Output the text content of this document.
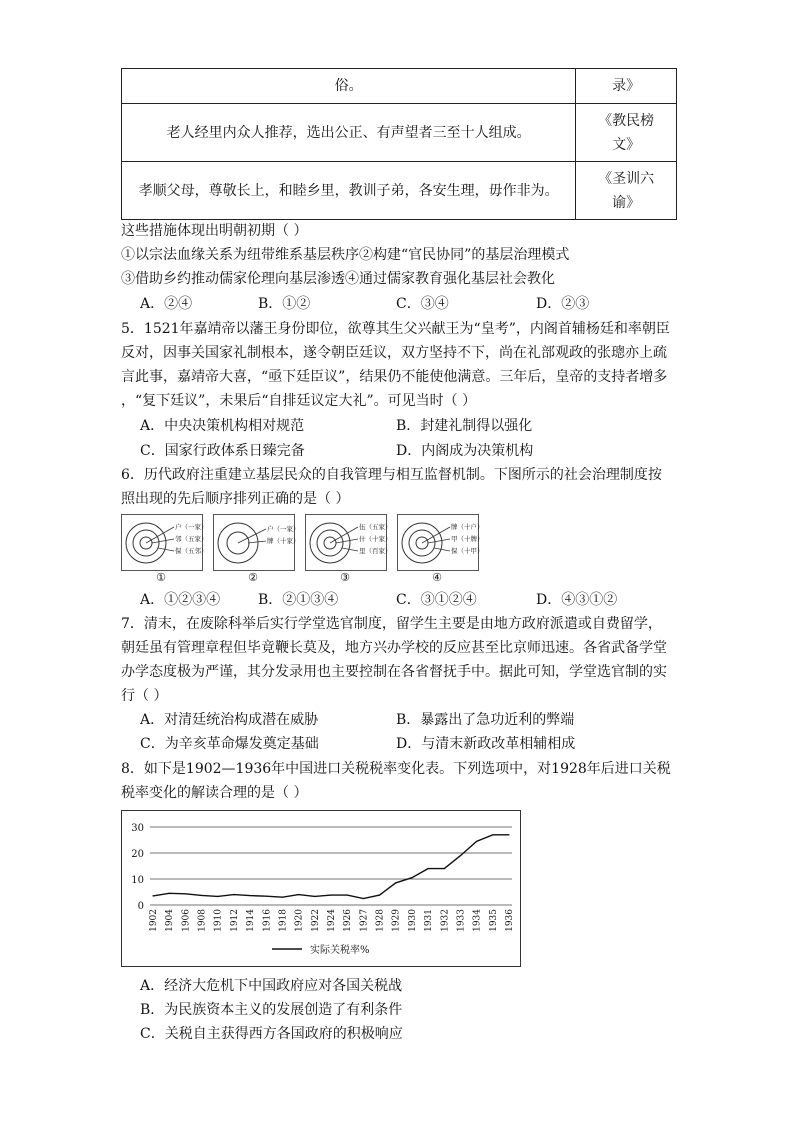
俗。	录》
老人经里内众人推荐，选出公正、有声望者三至十人组成。	《教民榜
文》
孝顺父母，尊敬长上，和睦乡里，教训子弟，各安生理，毋作非为。	《圣训六
谕》
这些措施体现出明朝初期（ ）
①以宗法血缘关系为纽带维系基层秩序②构建“官民协同”的基层治理模式
③借助乡约推动儒家伦理向基层渗透④通过儒家教育强化基层社会教化
A．②④	B．①②	C．③④	D．②③
5．1521年嘉靖帝以藩王身份即位，欲尊其生父兴献王为“皇考”，内阁首辅杨廷和率朝臣
反对，因事关国家礼制根本，遂令朝臣廷议，双方坚持不下，尚在礼部观政的张璁亦上疏
言此事，嘉靖帝大喜，“亟下廷臣议”，结果仍不能使他满意。三年后，皇帝的支持者增多
，“复下廷议”，未果后“自排廷议定大礼”。可见当时（ ）
A．中央决策机构相对规范	B．封建礼制得以强化
C．国家行政体系日臻完备	D．内阁成为决策机构
6．历代政府注重建立基层民众的自我管理与相互监督机制。下图所示的社会治理制度按
照出现的先后顺序排列正确的是（ ）
户（一家）
邻（五家）
保（五邻）
①
户（一家）
牌（十家）
②
伍（五家）
什（十家）
里（百家）
③
牌（十户）
甲（十牌）
保（十甲）
④
A．①②③④	B．②①③④	C．③①②④	D．④③①②
7．清末，在废除科举后实行学堂选官制度，留学生主要是由地方政府派遣或自费留学，
朝廷虽有管理章程但毕竟鞭长莫及，地方兴办学校的反应甚至比京师迅速。各省武备学堂
办学态度极为严谨，其分发录用也主要控制在各省督抚手中。据此可知，学堂选官制的实
行（ ）
A．对清廷统治构成潜在威胁	B．暴露出了急功近利的弊端
C．为辛亥革命爆发奠定基础	D．与清末新政改革相辅相成
8．如下是1902—1936年中国进口关税税率变化表。下列选项中，对1928年后进口关税
税率变化的解读合理的是（ ）
0
10
20
30
1902 1904 1906 1908 1910 1912 1914 1916 1918 1920 1922 1924 1926 1927 1928 1929 1930 1931 1932 1933 1934 1935 1936
实际关税率%
A．经济大危机下中国政府应对各国关税战
B．为民族资本主义的发展创造了有利条件
C．关税自主获得西方各国政府的积极响应
